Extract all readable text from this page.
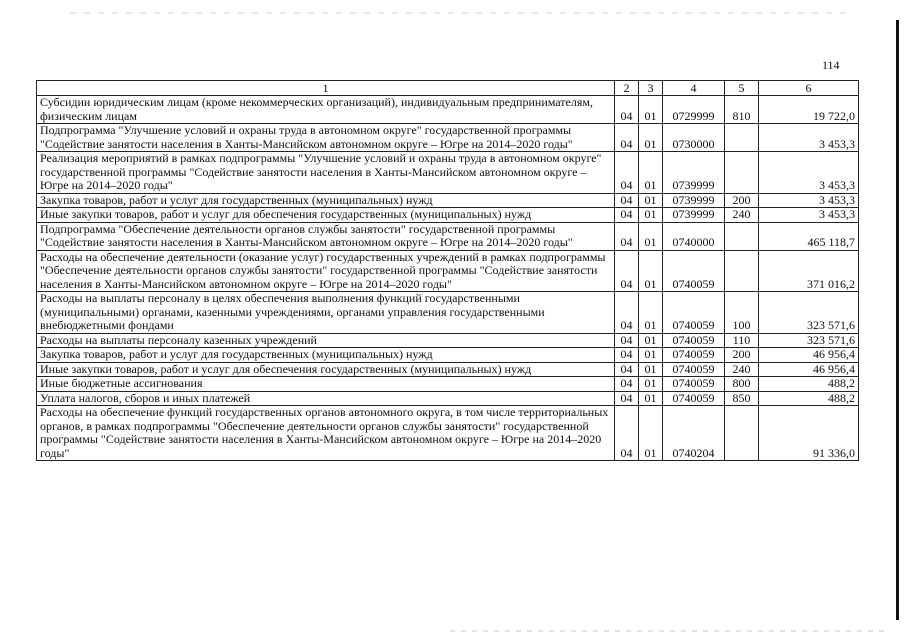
114
1	2	3	4	5	6
Субсидии юридическим лицам (кроме некоммерческих организаций), индивидуальным предпринимателям, физическим лицам	04	01	0729999	810	19 722,0
Подпрограмма "Улучшение условий и охраны труда в автономном округе" государственной программы "Содействие занятости населения в Ханты-Мансийском автономном округе – Югре на 2014–2020 годы"	04	01	0730000		3 453,3
Реализация мероприятий в рамках подпрограммы "Улучшение условий и охраны труда в автономном округе" государственной программы "Содействие занятости населения в Ханты-Мансийском автономном округе – Югре на 2014–2020 годы"	04	01	0739999		3 453,3
Закупка товаров, работ и услуг для государственных (муниципальных) нужд	04	01	0739999	200	3 453,3
Иные закупки товаров, работ и услуг для обеспечения государственных (муниципальных) нужд	04	01	0739999	240	3 453,3
Подпрограмма "Обеспечение деятельности органов службы занятости" государственной программы "Содействие занятости населения в Ханты-Мансийском автономном округе – Югре на 2014–2020 годы"	04	01	0740000		465 118,7
Расходы на обеспечение деятельности (оказание услуг) государственных учреждений в рамках подпрограммы "Обеспечение деятельности органов службы занятости" государственной программы "Содействие занятости населения в Ханты-Мансийском автономном округе – Югре на 2014–2020 годы"	04	01	0740059		371 016,2
Расходы на выплаты персоналу в целях обеспечения выполнения функций государственными (муниципальными) органами, казенными учреждениями, органами управления государственными внебюджетными фондами	04	01	0740059	100	323 571,6
Расходы на выплаты персоналу казенных учреждений	04	01	0740059	110	323 571,6
Закупка товаров, работ и услуг для государственных (муниципальных) нужд	04	01	0740059	200	46 956,4
Иные закупки товаров, работ и услуг для обеспечения государственных (муниципальных) нужд	04	01	0740059	240	46 956,4
Иные бюджетные ассигнования	04	01	0740059	800	488,2
Уплата налогов, сборов и иных платежей	04	01	0740059	850	488,2
Расходы на обеспечение функций государственных органов автономного округа, в том числе территориальных органов, в рамках подпрограммы "Обеспечение деятельности органов службы занятости" государственной программы "Содействие занятости населения в Ханты-Мансийском автономном округе – Югре на 2014–2020 годы"	04	01	0740204		91 336,0
